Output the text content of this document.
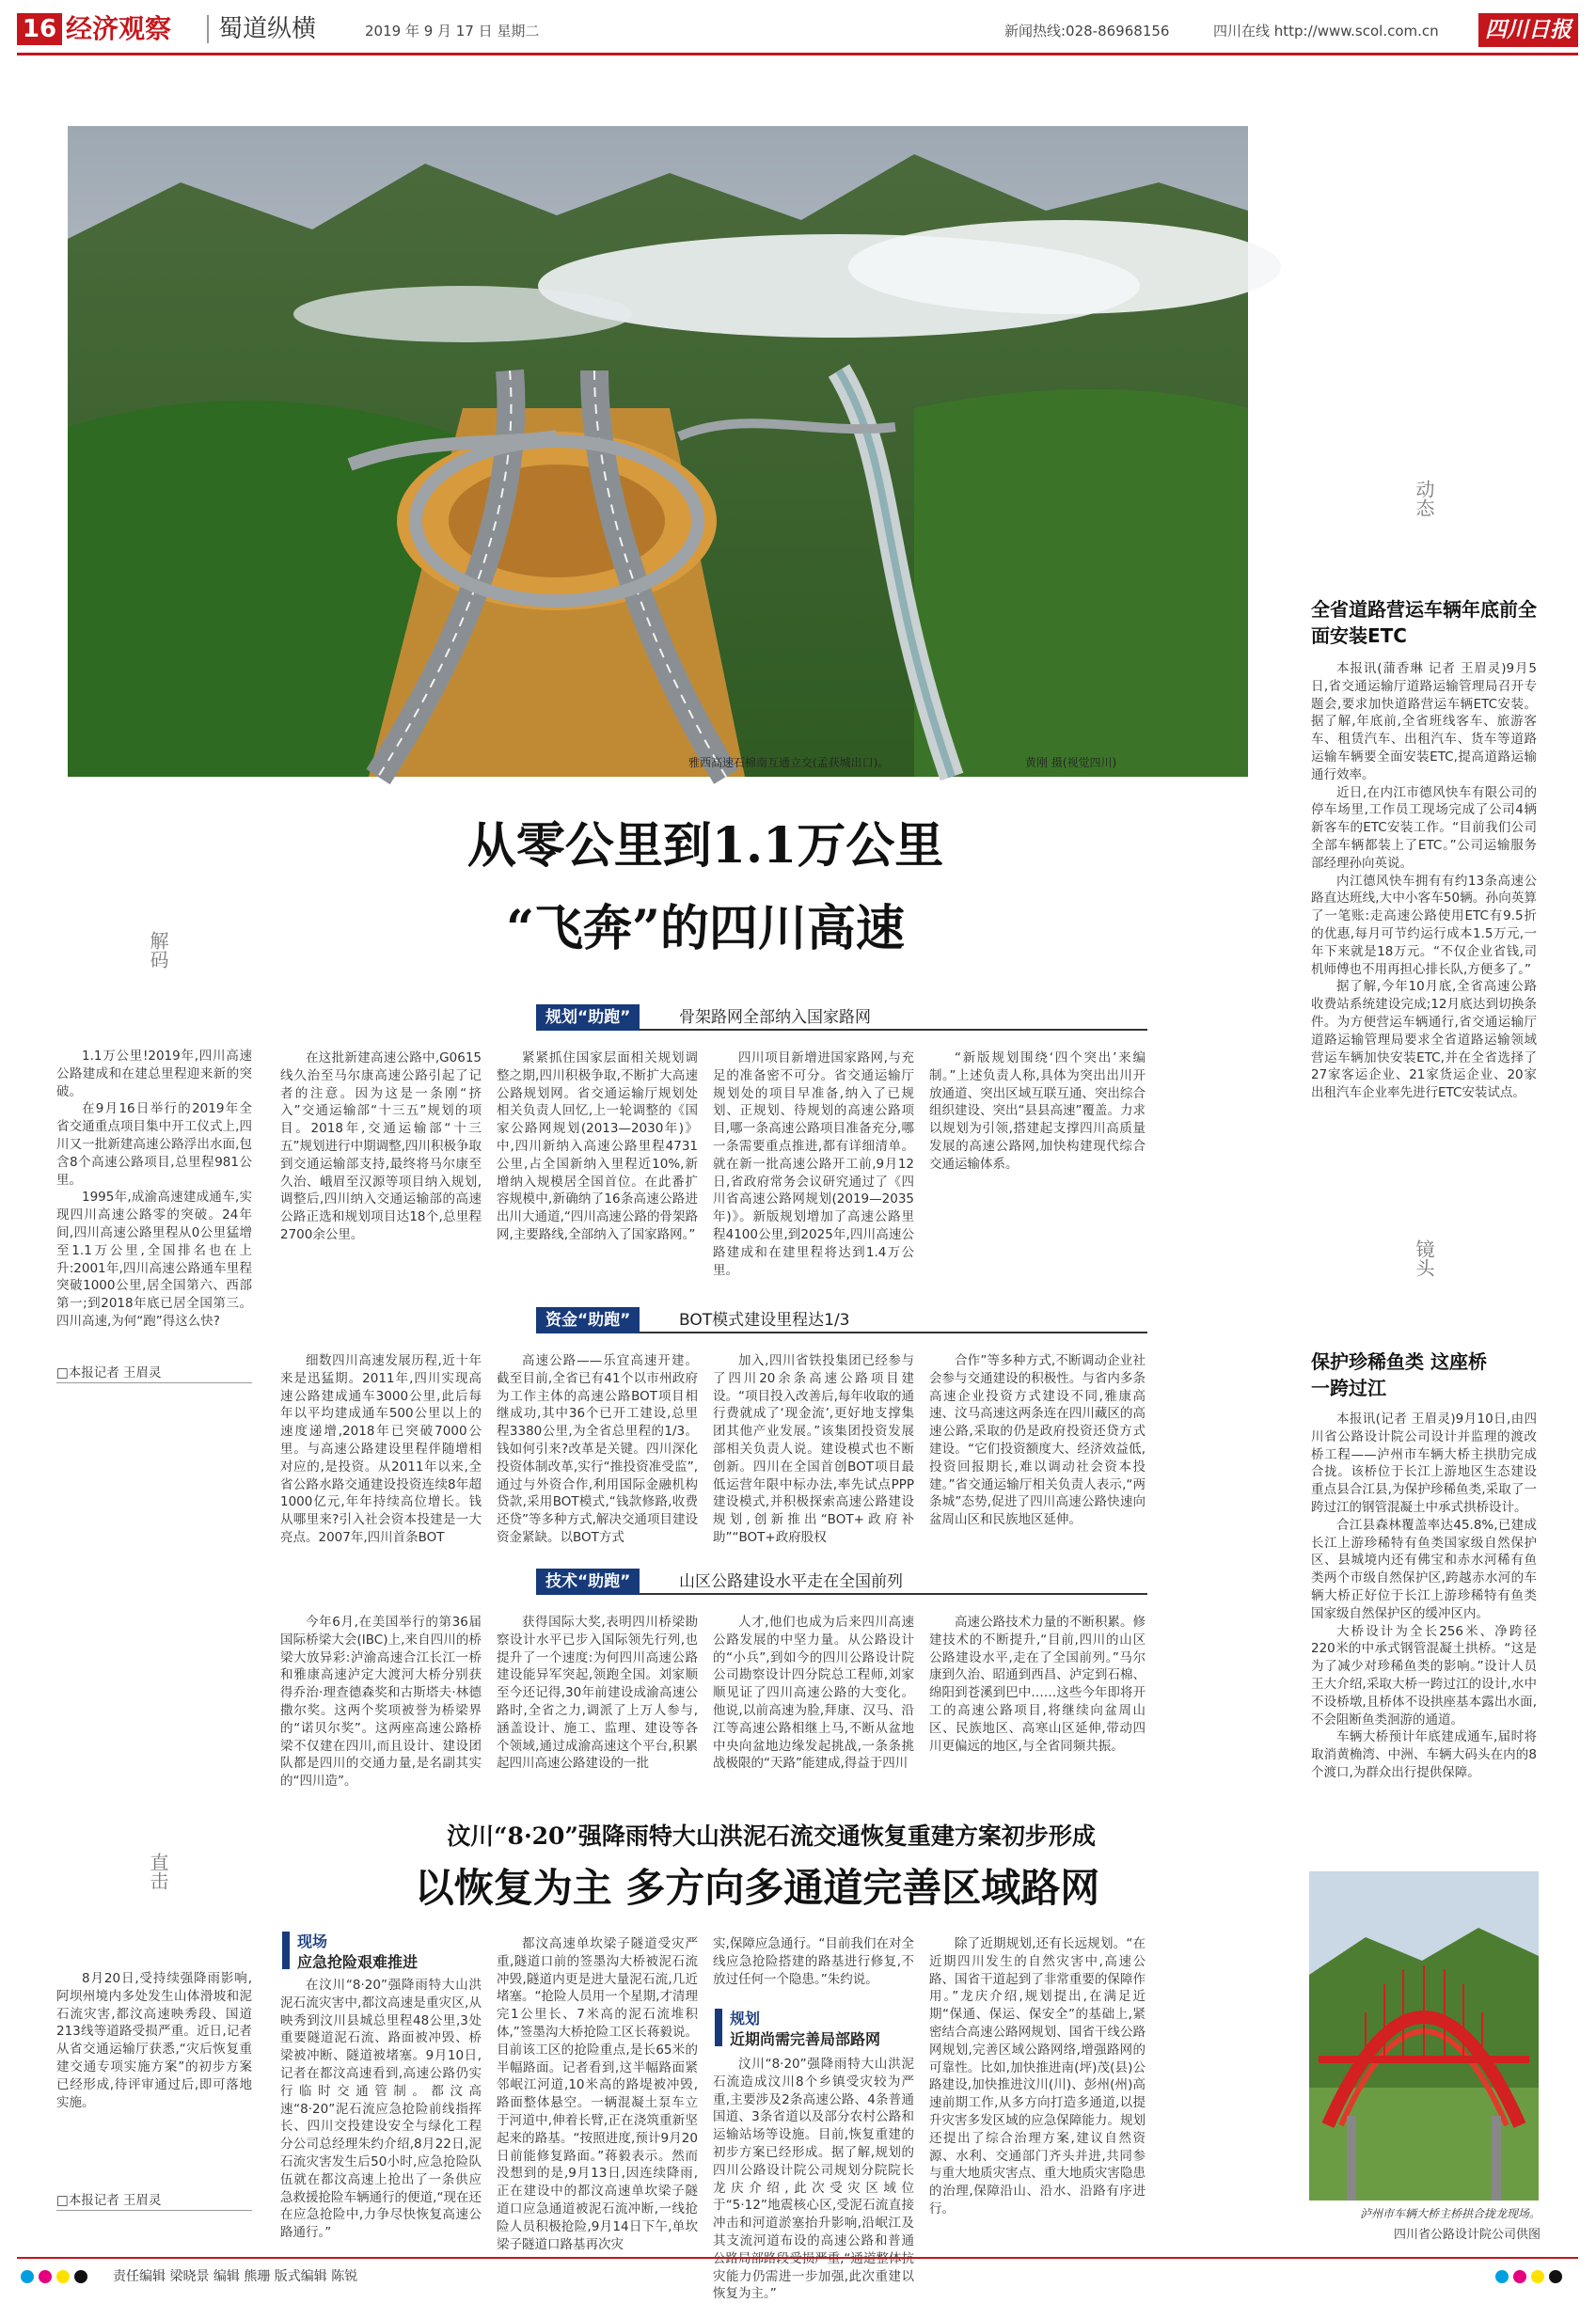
16 经济观察 蜀道纵横	2019 年 9 月 17 日 星期二	新闻热线:028-86968156	四川在线 http://www.scol.com.cn	四川日报
雅西高速石棉南互通立交(孟获城出口)。	黄刚 摄(视觉四川)
从零公里到1.1万公里
“飞奔”的四川高速
解码

1.1万公里!2019年,四川高速公路建成和在建总里程迎来新的突破。

在9月16日举行的2019年全省交通重点项目集中开工仪式上,四川又一批新建高速公路浮出水面,包含8个高速公路项目,总里程981公里。

1995年,成渝高速建成通车,实现四川高速公路零的突破。24年间,四川高速公路里程从0公里猛增至1.1万公里,全国排名也在上升:2001年,四川高速公路通车里程突破1000公里,居全国第六、西部第一;到2018年底已居全国第三。四川高速,为何“跑”得这么快?

□本报记者 王眉灵
规划“助跑”	骨架路网全部纳入国家路网
在这批新建高速公路中,G0615线久治至马尔康高速公路引起了记者的注意。因为这是一条刚“挤入”交通运输部“十三五”规划的项目。2018年,交通运输部“十三五”规划进行中期调整,四川积极争取到交通运输部支持,最终将马尔康至久治、峨眉至汉源等项目纳入规划,调整后,四川纳入交通运输部的高速公路正选和规划项目达18个,总里程2700余公里。
紧紧抓住国家层面相关规划调整之期,四川积极争取,不断扩大高速公路规划网。省交通运输厅规划处相关负责人回忆,上一轮调整的《国家公路网规划(2013—2030年)》中,四川新纳入高速公路里程4731公里,占全国新纳入里程近10%,新增纳入规模居全国首位。在此番扩容规模中,新确纳了16条高速公路进出川大通道,“四川高速公路的骨架路网,主要路线,全部纳入了国家路网。”
四川项目新增进国家路网,与充足的准备密不可分。省交通运输厅规划处的项目早准备,纳入了已规划、正规划、待规划的高速公路项目,哪一条高速公路项目准备充分,哪一条需要重点推进,都有详细清单。就在新一批高速公路开工前,9月12日,省政府常务会议研究通过了《四川省高速公路网规划(2019—2035年)》。新版规划增加了高速公路里程4100公里,到2025年,四川高速公路建成和在建里程将达到1.4万公里。
“新版规划围绕‘四个突出’来编制。”上述负责人称,具体为突出出川开放通道、突出区域互联互通、突出综合组织建设、突出“县县高速”覆盖。力求以规划为引领,搭建起支撑四川高质量发展的高速公路网,加快构建现代综合交通运输体系。
资金“助跑”	BOT模式建设里程达1/3
细数四川高速发展历程,近十年来是迅猛期。2011年,四川实现高速公路建成通车3000公里,此后每年以平均建成通车500公里以上的速度递增,2018年已突破7000公里。与高速公路建设里程伴随增相对应的,是投资。从2011年以来,全省公路水路交通建设投资连续8年超1000亿元,年年持续高位增长。钱从哪里来?引入社会资本投建是一大亮点。2007年,四川首条BOT
高速公路——乐宜高速开建。截至目前,全省已有41个以市州政府为工作主体的高速公路BOT项目相继成功,其中36个已开工建设,总里程3380公里,为全省总里程的1/3。钱如何引来?改革是关键。四川深化投资体制改革,实行“推投资准受监”,通过与外资合作,利用国际金融机构贷款,采用BOT模式,“钱款修路,收费还贷”等多种方式,解决交通项目建设资金紧缺。以BOT方式
加入,四川省铁投集团已经参与了四川20余条高速公路项目建设。“项目投入改善后,每年收取的通行费就成了‘现金流’,更好地支撑集团其他产业发展。”该集团投资发展部相关负责人说。建设模式也不断创新。四川在全国首创BOT项目最低运营年限中标办法,率先试点PPP建设模式,并积极探索高速公路建设规划,创新推出“BOT+政府补助”“BOT+政府股权
合作”等多种方式,不断调动企业社会参与交通建设的积极性。与省内多条高速企业投资方式建设不同,雅康高速、汶马高速这两条连在四川藏区的高速公路,采取的仍是政府投资还贷方式建设。“它们投资额度大、经济效益低,投资回报期长,难以调动社会资本投建。”省交通运输厅相关负责人表示,“两条城”态势,促进了四川高速公路快速向盆周山区和民族地区延伸。
技术“助跑”	山区公路建设水平走在全国前列
今年6月,在美国举行的第36届国际桥梁大会(IBC)上,来自四川的桥梁大放异彩:泸渝高速合江长江一桥和雅康高速泸定大渡河大桥分别获得乔治·理查德森奖和古斯塔夫·林德撒尔奖。这两个奖项被誉为桥梁界的“诺贝尔奖”。这两座高速公路桥梁不仅建在四川,而且设计、建设团队都是四川的交通力量,是名副其实的“四川造”。
获得国际大奖,表明四川桥梁勘察设计水平已步入国际领先行列,也提升了一个速度:为何四川高速公路建设能异军突起,领跑全国。刘家顺至今还记得,30年前建设成渝高速公路时,全省之力,调派了上万人参与,涵盖设计、施工、监理、建设等各个领域,通过成渝高速这个平台,积累起四川高速公路建设的一批
人才,他们也成为后来四川高速公路发展的中坚力量。从公路设计的“小兵”,到如今的四川公路设计院公司勘察设计四分院总工程师,刘家顺见证了四川高速公路的大变化。他说,以前高速为脸,拜康、汉马、沿江等高速公路相继上马,不断从盆地中央向盆地边缘发起挑战,一条条挑战极限的“天路”能建成,得益于四川
高速公路技术力量的不断积累。修建技术的不断提升,“目前,四川的山区公路建设水平,走在了全国前列。”马尔康到久治、昭通到西昌、泸定到石棉、绵阳到苍溪到巴中……这些今年即将开工的高速公路项目,将继续向盆周山区、民族地区、高寒山区延伸,带动四川更偏远的地区,与全省同频共振。
动态
全省道路营运车辆年底前全面安装ETC

本报讯(蒲香琳 记者 王眉灵)9月5日,省交通运输厅道路运输管理局召开专题会,要求加快道路营运车辆ETC安装。据了解,年底前,全省班线客车、旅游客车、租赁汽车、出租汽车、货车等道路运输车辆要全面安装ETC,提高道路运输通行效率。

近日,在内江市德风快车有限公司的停车场里,工作员工现场完成了公司4辆新客车的ETC安装工作。“目前我们公司全部车辆都装上了ETC。”公司运输服务部经理孙向英说。

内江德风快车拥有有约13条高速公路直达班线,大中小客车50辆。孙向英算了一笔账:走高速公路使用ETC有9.5折的优惠,每月可节约运行成本1.5万元,一年下来就是18万元。“不仅企业省钱,司机师傅也不用再担心排长队,方便多了。”

据了解,今年10月底,全省高速公路收费站系统建设完成;12月底达到切换条件。为方便营运车辆通行,省交通运输厅道路运输管理局要求全省道路运输领域营运车辆加快安装ETC,并在全省选择了27家客运企业、21家货运企业、20家出租汽车企业率先进行ETC安装试点。

镜头
保护珍稀鱼类 这座桥一跨过江

本报讯(记者 王眉灵)9月10日,由四川省公路设计院公司设计并监理的渡改桥工程——泸州市车辆大桥主拱肋完成合拢。该桥位于长江上游地区生态建设重点县合江县,为保护珍稀鱼类,采取了一跨过江的钢管混凝土中承式拱桥设计。

合江县森林覆盖率达45.8%,已建成长江上游珍稀特有鱼类国家级自然保护区、县城境内还有佛宝和赤水河稀有鱼类两个市级自然保护区,跨越赤水河的车辆大桥正好位于长江上游珍稀特有鱼类国家级自然保护区的缓冲区内。

大桥设计为全长256米、净跨径220米的中承式钢管混凝土拱桥。“这是为了减少对珍稀鱼类的影响。”设计人员王大介绍,采取大桥一跨过江的设计,水中不设桥墩,且桥体不设拱座基本露出水面,不会阻断鱼类洄游的通道。

车辆大桥预计年底建成通车,届时将取消黄桷湾、中洲、车辆大码头在内的8个渡口,为群众出行提供保障。

泸州市车辆大桥主桥拱合拢龙现场。
四川省公路设计院公司供图
汶川“8·20”强降雨特大山洪泥石流交通恢复重建方案初步形成
以恢复为主 多方向多通道完善区域路网
直击

8月20日,受持续强降雨影响,阿坝州境内多处发生山体滑坡和泥石流灾害,都汶高速映秀段、国道213线等道路受损严重。近日,记者从省交通运输厅获悉,“灾后恢复重建交通专项实施方案”的初步方案已经形成,待评审通过后,即可落地实施。

□本报记者 王眉灵
现场
应急抢险艰难推进
在汶川“8·20”强降雨特大山洪泥石流灾害中,都汶高速是重灾区,从映秀到汶川县城总里程48公里,3处重要隧道泥石流、路面被冲毁、桥梁被冲断、隧道被堵塞。9月10日,记者在都汶高速看到,高速公路仍实行临时交通管制。都汶高速“8·20”泥石流应急抢险前线指挥长、四川交投建设安全与绿化工程分公司总经理朱约介绍,8月22日,泥石流灾害发生后50小时,应急抢险队伍就在都汶高速上抢出了一条供应急救援抢险车辆通行的便道,“现在还在应急抢险中,力争尽快恢复高速公路通行。”
都汶高速单坎梁子隧道受灾严重,隧道口前的签墨沟大桥被泥石流冲毁,隧道内更是进大量泥石流,几近堵塞。“抢险人员用一个星期,才清理完1公里长、7米高的泥石流堆积体,”签墨沟大桥抢险工区长蒋毅说。目前该工区的抢险重点,是长65米的半幅路面。记者看到,这半幅路面紧邻岷江河道,10米高的路堤被冲毁,路面整体悬空。一辆混凝土泵车立于河道中,伸着长臂,正在浇筑重新坚起来的路基。“按照进度,预计9月20日前能修复路面。”蒋毅表示。然而没想到的是,9月13日,因连续降雨,正在建设中的都汶高速单坎梁子隧道口应急通道被泥石流冲断,一线抢险人员积极抢险,9月14日下午,单坎梁子隧道口路基再次灾
规划
近期尚需完善局部路网
实,保障应急通行。“目前我们在对全线应急抢险搭建的路基进行修复,不放过任何一个隐患。”朱约说。
汶川“8·20”强降雨特大山洪泥石流造成汶川8个乡镇受灾较为严重,主要涉及2条高速公路、4条普通国道、3条省道以及部分农村公路和运输站场等设施。目前,恢复重建的初步方案已经形成。据了解,规划的四川公路设计院公司规划分院院长龙庆介绍,此次受灾区域位于“5·12”地震核心区,受泥石流直接冲击和河道淤塞抬升影响,沿岷江及其支流河道布设的高速公路和普通 灾能力仍需进一步加强,此次重建以恢复为主。”
除了近期规划,还有长远规划。“在近期四川发生的自然灾害中,高速公路、国省干道起到了非常重要的保障作用。”龙庆介绍,规划提出,在满足近期“保通、保运、保安全”的基础上,紧密结合高速公路网规划、国省干线公路网规划,完善区域公路网络,增强路网的可靠性。比如,加快推进南(坪)茂(县)公路建设,加快推进汶川(川)、彭州(州)高速前期工作,从多方向打造多通道,以提升灾害多发区域的应急保障能力。规划还提出了综合治理方案,建议自然资源、水利、交通部门齐头并进,共同参与重大地质灾害点、重大地质灾害隐患的治理,保障沿山、沿水、沿路有序进行。
责任编辑 梁晓景 编辑 熊珊 版式编辑 陈锐
